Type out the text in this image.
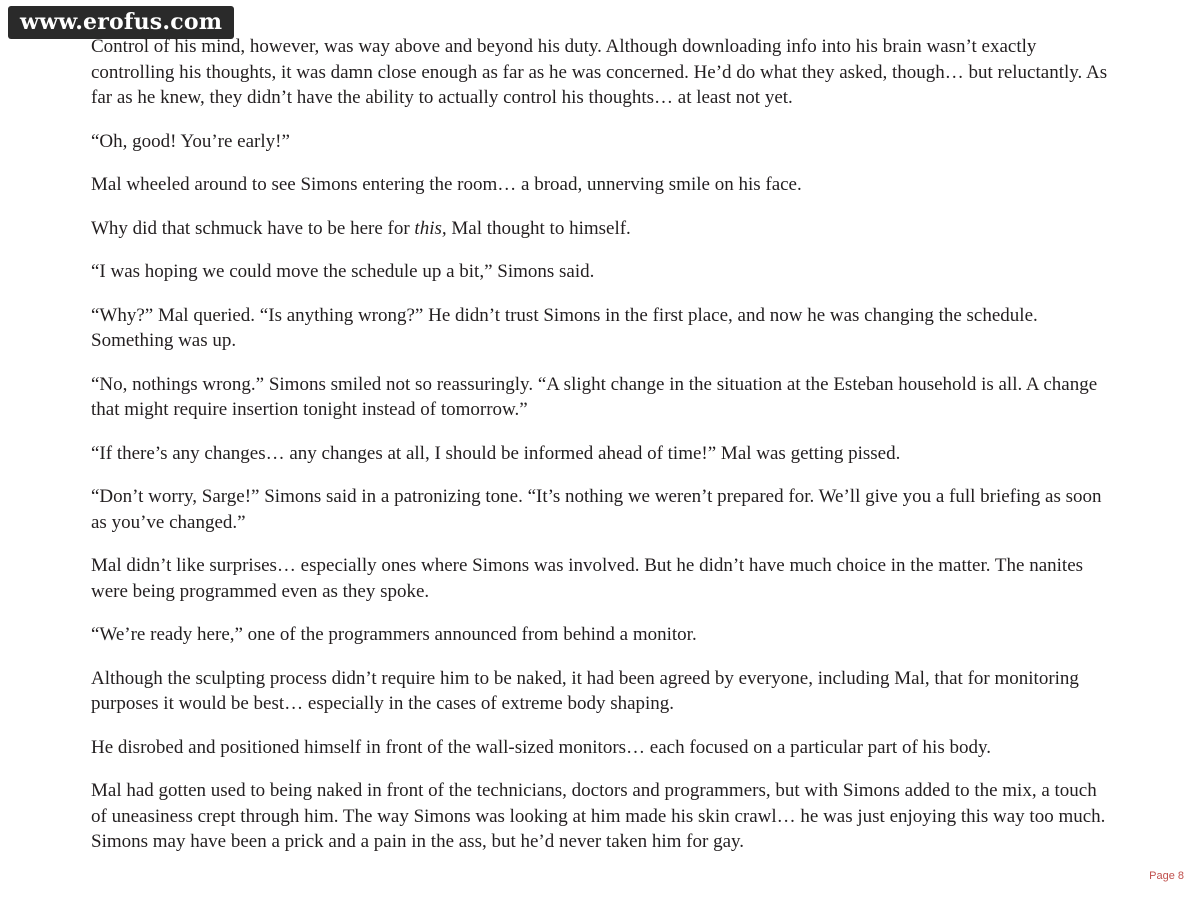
www.erofus.com

Control of his mind, however, was way above and beyond his duty. Although downloading info into his brain wasn’t exactly controlling his thoughts, it was damn close enough as far as he was concerned. He’d do what they asked, though… but reluctantly. As far as he knew, they didn’t have the ability to actually control his thoughts… at least not yet.

“Oh, good! You’re early!”

Mal wheeled around to see Simons entering the room… a broad, unnerving smile on his face.

Why did that schmuck have to be here for this, Mal thought to himself.

“I was hoping we could move the schedule up a bit,” Simons said.

“Why?” Mal queried. “Is anything wrong?” He didn’t trust Simons in the first place, and now he was changing the schedule. Something was up.

“No, nothings wrong.” Simons smiled not so reassuringly. “A slight change in the situation at the Esteban household is all. A change that might require insertion tonight instead of tomorrow.”

“If there’s any changes… any changes at all, I should be informed ahead of time!” Mal was getting pissed.

“Don’t worry, Sarge!” Simons said in a patronizing tone. “It’s nothing we weren’t prepared for. We’ll give you a full briefing as soon as you’ve changed.”

Mal didn’t like surprises… especially ones where Simons was involved. But he didn’t have much choice in the matter. The nanites were being programmed even as they spoke.

“We’re ready here,” one of the programmers announced from behind a monitor.

Although the sculpting process didn’t require him to be naked, it had been agreed by everyone, including Mal, that for monitoring purposes it would be best… especially in the cases of extreme body shaping.

He disrobed and positioned himself in front of the wall-sized monitors… each focused on a particular part of his body.

Mal had gotten used to being naked in front of the technicians, doctors and programmers, but with Simons added to the mix, a touch of uneasiness crept through him. The way Simons was looking at him made his skin crawl… he was just enjoying this way too much. Simons may have been a prick and a pain in the ass, but he’d never taken him for gay.

Page 8
